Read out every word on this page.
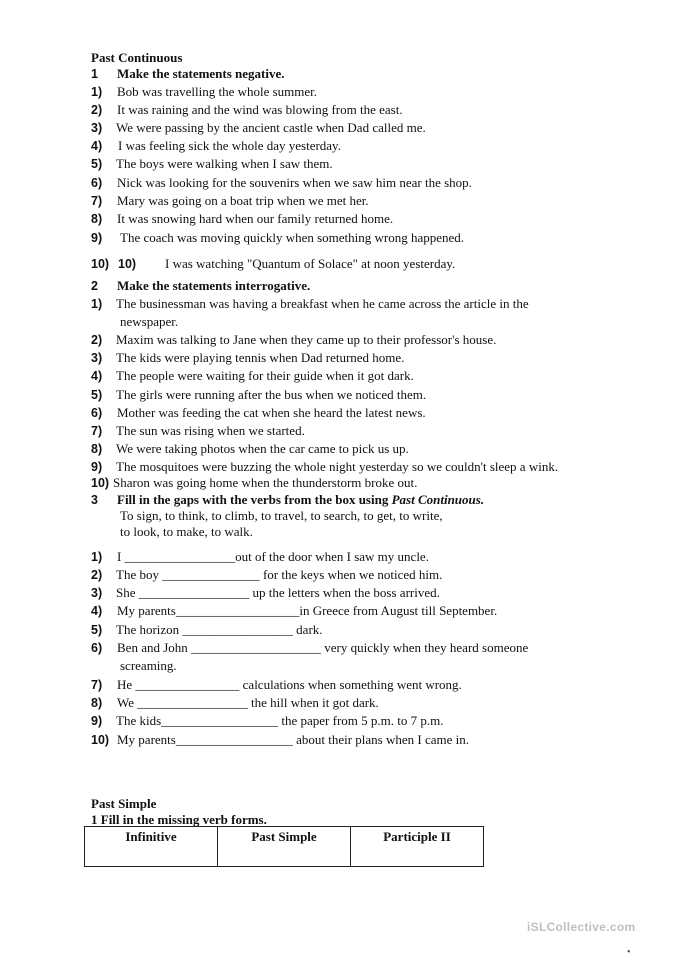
Past Continuous
1 Make the statements negative.
1) Bob was travelling the whole summer.
2) It was raining and the wind was blowing from the east.
3) We were passing by the ancient castle when Dad called me.
4) I was feeling sick the whole day yesterday.
5) The boys were walking when I saw them.
6) Nick was looking for the souvenirs when we saw him near the shop.
7) Mary was going on a boat trip when we met her.
8) It was snowing hard when our family returned home.
9) The coach was moving quickly when something wrong happened.
10) 10) I was watching "Quantum of Solace" at noon yesterday.
2 Make the statements interrogative.
1) The businessman was having a breakfast when he came across the article in the
newspaper.
2) Maxim was talking to Jane when they came up to their professor's house.
3) The kids were playing tennis when Dad returned home.
4) The people were waiting for their guide when it got dark.
5) The girls were running after the bus when we noticed them.
6) Mother was feeding the cat when she heard the latest news.
7) The sun was rising when we started.
8) We were taking photos when the car came to pick us up.
9) The mosquitoes were buzzing the whole night yesterday so we couldn't sleep a wink.
10) Sharon was going home when the thunderstorm broke out.
3 Fill in the gaps with the verbs from the box using Past Continuous.
To sign, to think, to climb, to travel, to search, to get, to write,
to look, to make, to walk.
1) I _________________out of the door when I saw my uncle.
2) The boy _______________ for the keys when we noticed him.
3) She _________________ up the letters when the boss arrived.
4) My parents___________________in Greece from August till September.
5) The horizon _________________ dark.
6) Ben and John ____________________ very quickly when they heard someone
screaming.
7) He ________________ calculations when something went wrong.
8) We _________________ the hill when it got dark.
9) The kids__________________ the paper from 5 p.m. to 7 p.m.
10) My parents__________________ about their plans when I came in.
Past Simple
1 Fill in the missing verb forms.
Infinitive	Past Simple	Participle II
iSLCollective.com
•
